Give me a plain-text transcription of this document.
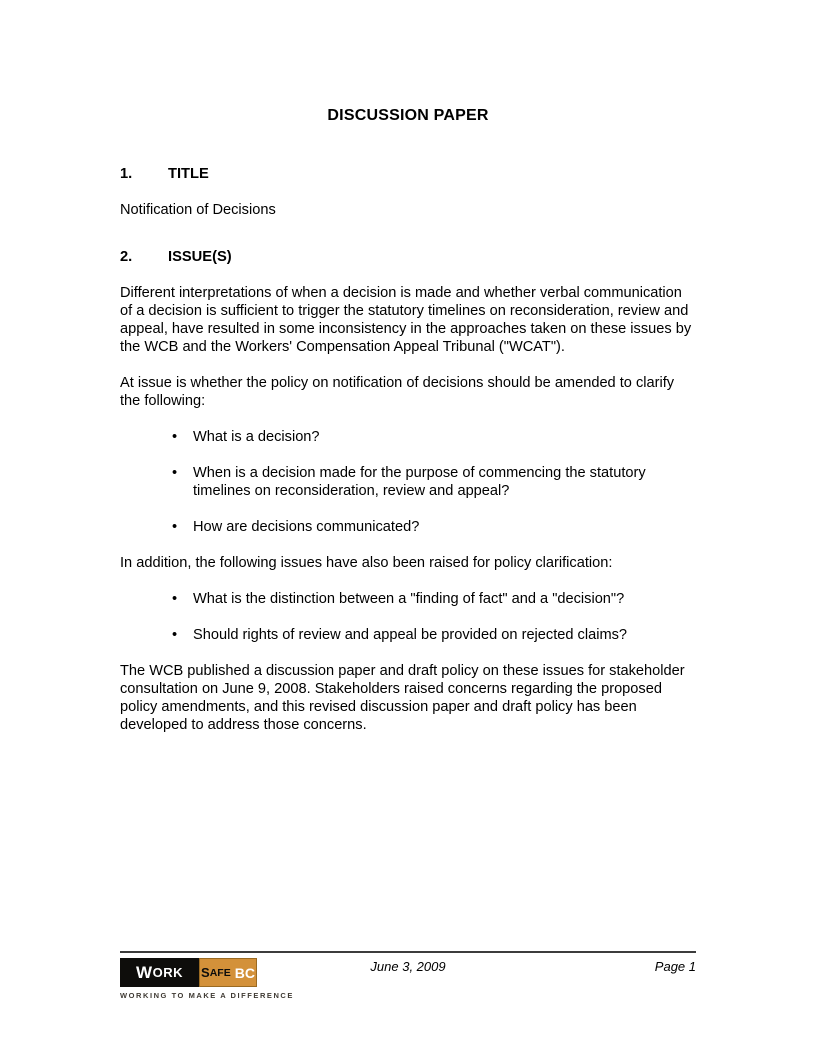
DISCUSSION PAPER
1.	TITLE
Notification of Decisions
2.	ISSUE(S)
Different interpretations of when a decision is made and whether verbal communication of a decision is sufficient to trigger the statutory timelines on reconsideration, review and appeal, have resulted in some inconsistency in the approaches taken on these issues by the WCB and the Workers' Compensation Appeal Tribunal ("WCAT").
At issue is whether the policy on notification of decisions should be amended to clarify the following:
•	What is a decision?
•	When is a decision made for the purpose of commencing the statutory timelines on reconsideration, review and appeal?
•	How are decisions communicated?
In addition, the following issues have also been raised for policy clarification:
•	What is the distinction between a "finding of fact" and a "decision"?
•	Should rights of review and appeal be provided on rejected claims?
The WCB published a discussion paper and draft policy on these issues for stakeholder consultation on June 9, 2008. Stakeholders raised concerns regarding the proposed policy amendments, and this revised discussion paper and draft policy has been developed to address those concerns.
W ORK S AFE BC
WORKING TO MAKE A DIFFERENCE
June 3, 2009	Page 1
